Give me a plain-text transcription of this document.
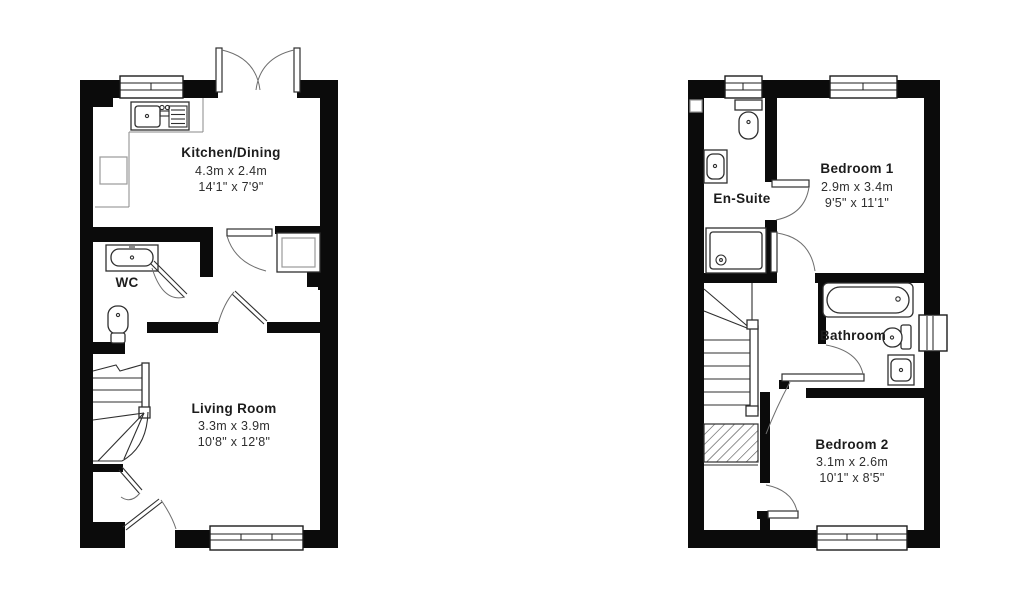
Kitchen/Dining
4.3m x 2.4m
14'1" x 7'9"
WC
Living Room
3.3m x 3.9m
10'8" x 12'8"
En-Suite
Bedroom 1
2.9m x 3.4m
9'5" x 11'1"
Bathroom
Bedroom 2
3.1m x 2.6m
10'1" x 8'5"
